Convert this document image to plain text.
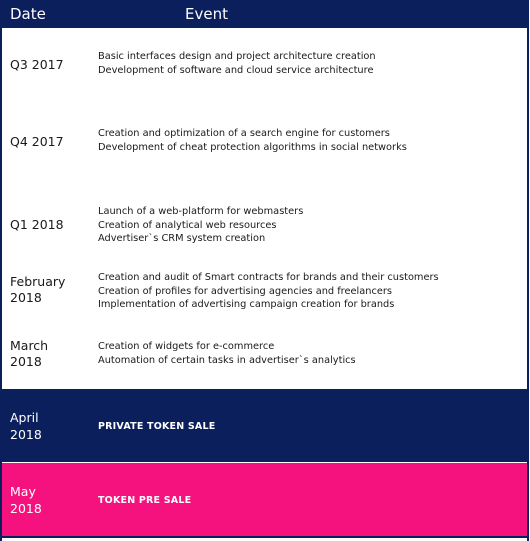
Date	Event
Q3 2017
Basic interfaces design and project architecture creation
Development of software and cloud service architecture
Q4 2017
Creation and optimization of a search engine for customers
Development of cheat protection algorithms in social networks
Q1 2018
Launch of a web-platform for webmasters
Creation of analytical web resources
Advertiser`s CRM system creation
February
2018
Creation and audit of Smart contracts for brands and their customers
Creation of profiles for advertising agencies and freelancers
Implementation of advertising campaign creation for brands
March
2018
Creation of widgets for e-commerce
Automation of certain tasks in advertiser`s analytics
April
2018
PRIVATE TOKEN SALE
May
2018
TOKEN PRE SALE
